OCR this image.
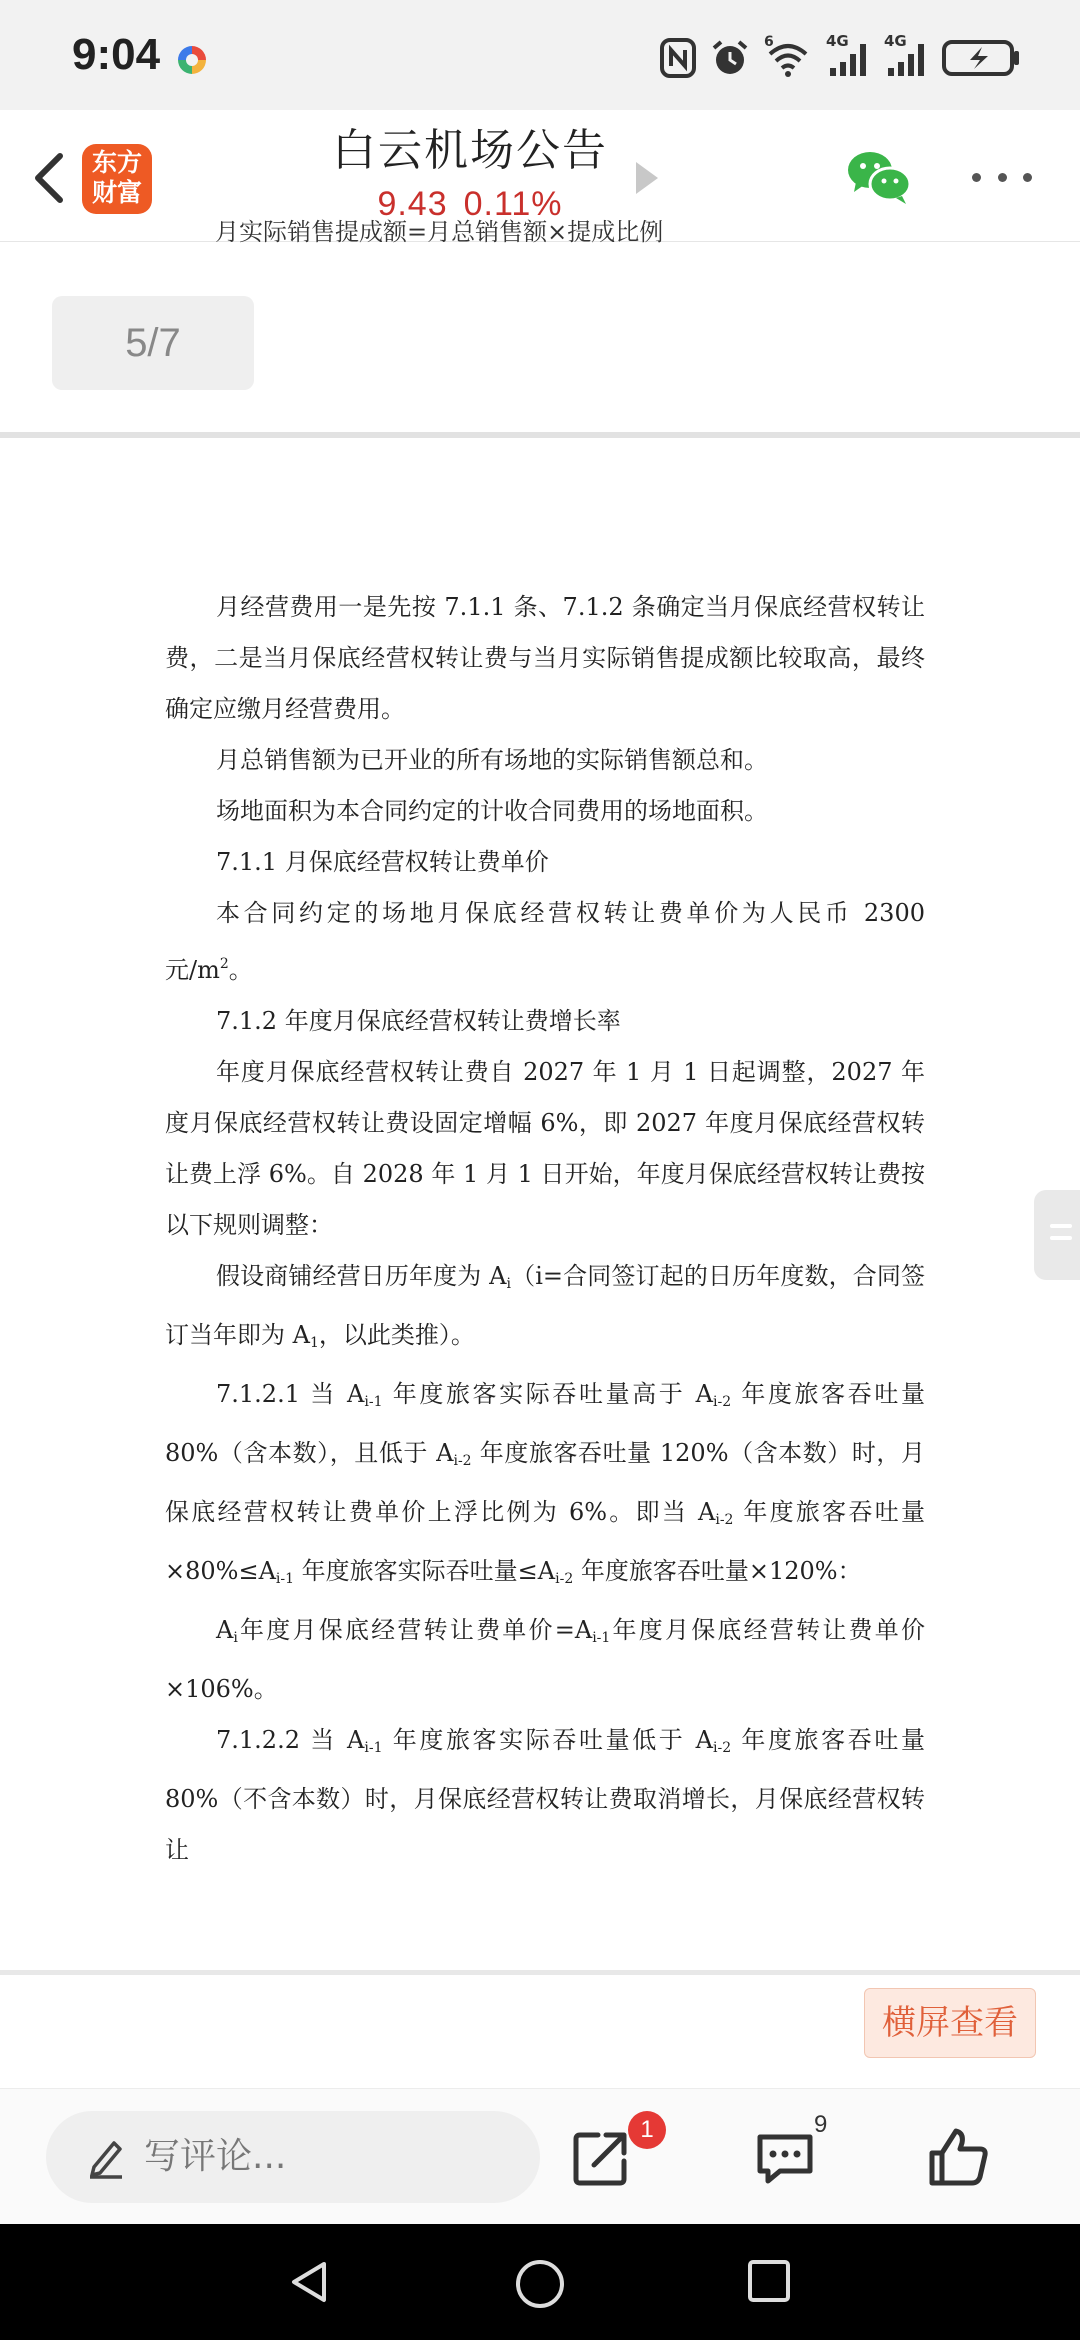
9:04	6	4G 4G
东方
财富
白云机场公告
9.43 0.11%
月实际销售提成额=月总销售额×提成比例
5/7

月经营费用一是先按 7.1.1 条、7.1.2 条确定当月保底经营权转让费，二是当月保底经营权转让费与当月实际销售提成额比较取高，最终确定应缴月经营费用。

月总销售额为已开业的所有场地的实际销售额总和。

场地面积为本合同约定的计收合同费用的场地面积。

7.1.1 月保底经营权转让费单价

本合同约定的场地月保底经营权转让费单价为人民币 2300 元$/m^2$。

7.1.2 年度月保底经营权转让费增长率

年度月保底经营权转让费自 2027 年 1 月 1 日起调整，2027 年度月保底经营权转让费设固定增幅 6%，即 2027 年度月保底经营权转让费上浮 6%。自 2028 年 1 月 1 日开始，年度月保底经营权转让费按以下规则调整：

假设商铺经营日历年度为 $A_i(i=$合同签订起的日历年度数，合同签订当年即为 $A_1$，以此类推）。

7.1.2.1 当 $A_{i-1}$ 年度旅客实际吞吐量高于 $A_{i-2}$ 年度旅客吞吐量 80%（含本数），且低于 $A_{i-2}$ 年度旅客吞吐量 120%（含本数）时，月保底经营权转让费单价上浮比例为 6%。即当 $A_{i-2}$ 年度旅客吞吐量$\times 80\%\le A_{i-1}$ 年度旅客实际吞吐量$\le A_{i-2}$ 年度旅客吞吐量×120%：

$A_i$年度月保底经营转让费单价$=A_{i-1}$年度月保底经营转让费单价×106%。

7.1.2.2 当 $A_{i-1}$ 年度旅客实际吞吐量低于 $A_{i-2}$ 年度旅客吞吐量 80%（不含本数）时，月保底经营权转让费取消增长，月保底经营权转让

横屏查看
写评论...
1	9
